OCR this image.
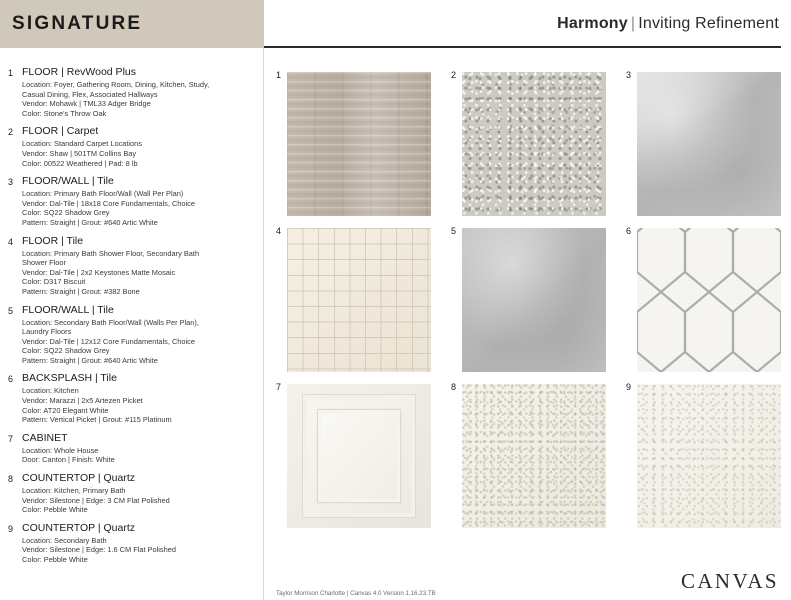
SIGNATURE	Harmony | Inviting Refinement
1 FLOOR | RevWood Plus
Location: Foyer, Gathering Room, Dining, Kitchen, Study,
Casual Dining, Flex, Associated Hallways
Vendor: Mohawk | TML33 Adger Bridge
Color: Stone's Throw Oak
2 FLOOR | Carpet
Location: Standard Carpet Locations
Vendor: Shaw | 501TM Collins Bay
Color: 00522 Weathered | Pad: 8 lb
3 FLOOR/WALL | Tile
Location: Primary Bath Floor/Wall (Wall Per Plan)
Vendor: Dal-Tile | 18x18 Core Fundamentals, Choice
Color: SQ22 Shadow Grey
Pattern: Straight | Grout: #640 Artic White
4 FLOOR | Tile
Location: Primary Bath Shower Floor, Secondary Bath
Shower Floor
Vendor: Dal-Tile | 2x2 Keystones Matte Mosaic
Color: D317 Biscuit
Pattern: Straight | Grout: #382 Bone
5 FLOOR/WALL | Tile
Location: Secondary Bath Floor/Wall (Walls Per Plan),
Laundry Floors
Vendor: Dal-Tile | 12x12 Core Fundamentals, Choice
Color: SQ22 Shadow Grey
Pattern: Straight | Grout: #640 Artic White
6 BACKSPLASH | Tile
Location: Kitchen
Vendor: Marazzi | 2x5 Artezen Picket
Color: AT20 Elegant White
Pattern: Vertical Picket | Grout: #115 Platinum
7 CABINET
Location: Whole House
Door: Canton | Finish: White
8 COUNTERTOP | Quartz
Location: Kitchen, Primary Bath
Vendor: Silestone | Edge: 3 CM Flat Polished
Color: Pebble White
9 COUNTERTOP | Quartz
Location: Secondary Bath
Vendor: Silestone | Edge: 1.6 CM Flat Polished
Color: Pebble White
1	2	3
4	5	6
7	8	9
Taylor Morrison Charlotte | Canvas 4.0 Version 1.16.23.TB
CANVAS
